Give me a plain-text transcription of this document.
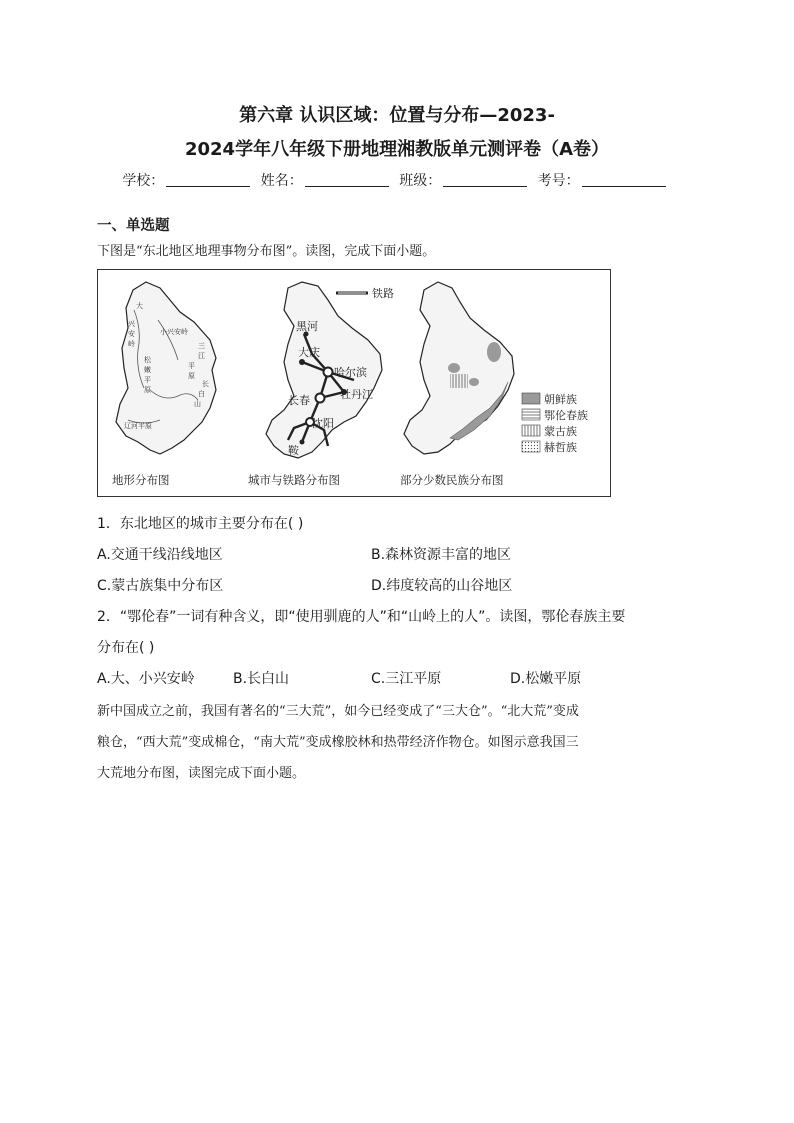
第六章 认识区域：位置与分布—2023-
2024学年八年级下册地理湘教版单元测评卷（A卷）
学校：	姓名：	班级：	考号：
一、单选题
下图是“东北地区地理事物分布图”。读图，完成下面小题。
大
小兴安岭
兴
安
岭
松
嫩
平
原
三
江
平
原
长
白
山
辽河平原
地形分布图
黑河
大庆
哈尔滨
长春	牡丹江
沈阳
鞍
铁路
城市与铁路分布图	部分少数民族分布图
朝鲜族
鄂伦春族
蒙古族
赫哲族
1．东北地区的城市主要分布在( )
A.交通干线沿线地区	B.森林资源丰富的地区
C.蒙古族集中分布区	D.纬度较高的山谷地区
2．“鄂伦春”一词有种含义，即“使用驯鹿的人”和“山岭上的人”。读图，鄂伦春族主要
分布在( )
A.大、小兴安岭	B.长白山	C.三江平原	D.松嫩平原
新中国成立之前，我国有著名的“三大荒”，如今已经变成了“三大仓”。“北大荒”变成
粮仓，“西大荒”变成棉仓，“南大荒”变成橡胶林和热带经济作物仓。如图示意我国三
大荒地分布图，读图完成下面小题。
